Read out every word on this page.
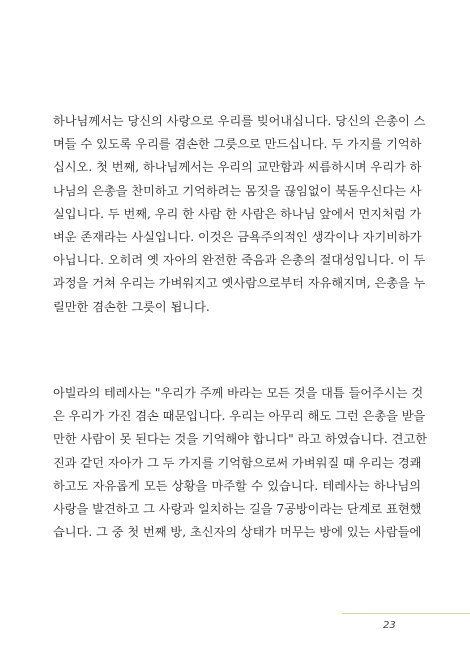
하나님께서는 당신의 사랑으로 우리를 빚어내십니다. 당신의 은총이 스
며들 수 있도록 우리를 겸손한 그릇으로 만드십니다. 두 가지를 기억하
십시오. 첫 번째, 하나님께서는 우리의 교만함과 씨름하시며 우리가 하
나님의 은총을 찬미하고 기억하려는 몸짓을 끊임없이 북돋우신다는 사
실입니다. 두 번째, 우리 한 사람 한 사람은 하나님 앞에서 먼지처럼 가
벼운 존재라는 사실입니다. 이것은 금욕주의적인 생각이나 자기비하가
아닙니다. 오히려 옛 자아의 완전한 죽음과 은총의 절대성입니다. 이 두
과정을 거쳐 우리는 가벼워지고 옛사람으로부터 자유해지며, 은총을 누
릴만한 겸손한 그릇이 됩니다.

아빌라의 테레사는 "우리가 주께 바라는 모든 것을 대틈 들어주시는 것
은 우리가 가진 겸손 때문입니다. 우리는 아무리 해도 그런 은총을 받을
만한 사람이 못 된다는 것을 기억해야 합니다" 라고 하였습니다. 견고한
진과 같던 자아가 그 두 가지를 기억함으로써 가벼워질 때 우리는 경쾌
하고도 자유롭게 모든 상황을 마주할 수 있습니다. 테레사는 하나님의
사랑을 발견하고 그 사랑과 일치하는 길을 7공방이라는 단계로 표현했
습니다. 그 중 첫 번째 방, 초신자의 상태가 머무는 방에 있는 사람들에

23
